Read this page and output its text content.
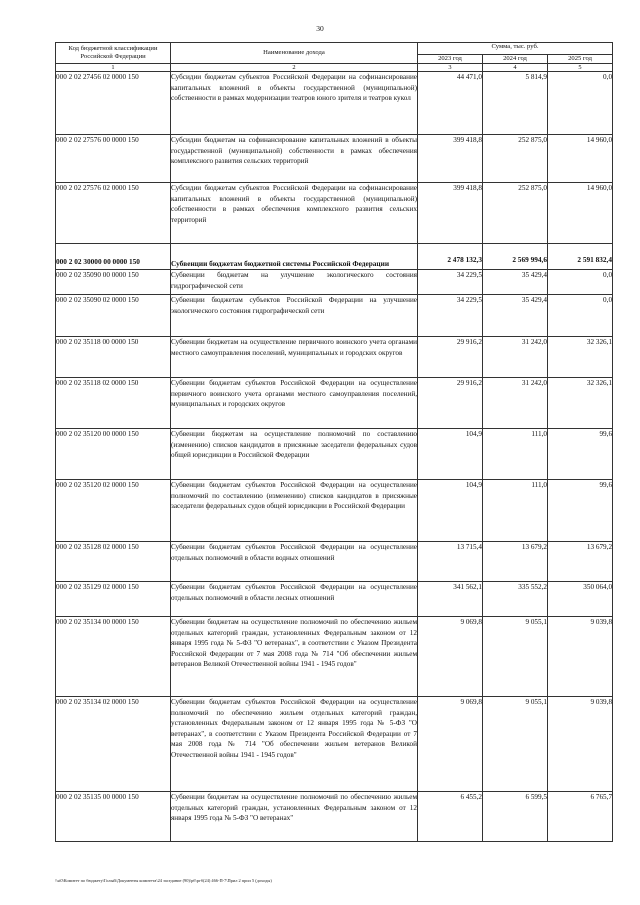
30
Код бюджетной классификации Российской Федерации	Наименование дохода	Сумма, тыс. руб.		
		2023 год	2024 год	2025 год
1	2	3	4	5
000 2 02 27456 02 0000 150	Субсидии бюджетам субъектов Российской Федерации на софинансирование капитальных вложений в объекты государственной (муниципальной) собственности в рамках модернизации театров юного зрителя и театров кукол	44 471,0	5 814,9	0,0
000 2 02 27576 00 0000 150	Субсидии бюджетам на софинансирование капитальных вложений в объекты государственной (муниципальной) собственности в рамках обеспечения комплексного развития сельских территорий	399 418,8	252 875,0	14 960,0
000 2 02 27576 02 0000 150	Субсидии бюджетам субъектов Российской Федерации на софинансирование капитальных вложений в объекты государственной (муниципальной) собственности в рамках обеспечения комплексного развития сельских территорий	399 418,8	252 875,0	14 960,0
000 2 02 30000 00 0000 150	Субвенции бюджетам бюджетной системы Российской Федерации	2 478 132,3	2 569 994,6	2 591 832,4
000 2 02 35090 00 0000 150	Субвенции бюджетам на улучшение экологического состояния гидрографической сети	34 229,5	35 429,4	0,0
000 2 02 35090 02 0000 150	Субвенции бюджетам субъектов Российской Федерации на улучшение экологического состояния гидрографической сети	34 229,5	35 429,4	0,0
000 2 02 35118 00 0000 150	Субвенции бюджетам на осуществление первичного воинского учета органами местного самоуправления поселений, муниципальных и городских округов	29 916,2	31 242,0	32 326,1
000 2 02 35118 02 0000 150	Субвенции бюджетам субъектов Российской Федерации на осуществление первичного воинского учета органами местного самоуправления поселений, муниципальных и городских округов	29 916,2	31 242,0	32 326,1
000 2 02 35120 00 0000 150	Субвенции бюджетам на осуществление полномочий по составлению (изменению) списков кандидатов в присяжные заседатели федеральных судов общей юрисдикции в Российской Федерации	104,9	111,0	99,6
000 2 02 35120 02 0000 150	Субвенции бюджетам субъектов Российской Федерации на осуществление полномочий по составлению (изменению) списков кандидатов в присяжные заседатели федеральных судов общей юрисдикции в Российской Федерации	104,9	111,0	99,6
000 2 02 35128 02 0000 150	Субвенции бюджетам субъектов Российской Федерации на осуществление отдельных полномочий в области водных отношений	13 715,4	13 679,2	13 679,2
000 2 02 35129 02 0000 150	Субвенции бюджетам субъектов Российской Федерации на осуществление отдельных полномочий в области лесных отношений	341 562,1	335 552,2	350 064,0
000 2 02 35134 00 0000 150	Субвенции бюджетам на осуществление полномочий по обеспечению жильем отдельных категорий граждан, установленных Федеральным законом от 12 января 1995 года № 5-ФЗ "О ветеранах", в соответствии с Указом Президента Российской Федерации от 7 мая 2008 года № 714 "Об обеспечении жильем ветеранов Великой Отечественной войны 1941 - 1945 годов"	9 069,8	9 055,1	9 039,8
000 2 02 35134 02 0000 150	Субвенции бюджетам субъектов Российской Федерации на осуществление полномочий по обеспечению жильем отдельных категорий граждан, установленных Федеральным законом от 12 января 1995 года № 5-ФЗ "О ветеранах", в соответствии с Указом Президента Российской Федерации от 7 мая 2008 года № 714 "Об обеспечении жильем ветеранов Великой Отечественной войны 1941 - 1945 годов"	9 069,8	9 055,1	9 039,8
000 2 02 35135 00 0000 150	Субвенции бюджетам на осуществление полномочий по обеспечению жильем отдельных категорий граждан, установленных Федеральным законом от 12 января 1995 года № 5-ФЗ "О ветеранах"	6 455,2	6 599,5	6 765,7
\\st0\Комитет по бюджету\Голый\Документы комитета\24 заседание (90)\рб\ргб(24) 466-П-7\Прил 2 прил 5 (доходы)
